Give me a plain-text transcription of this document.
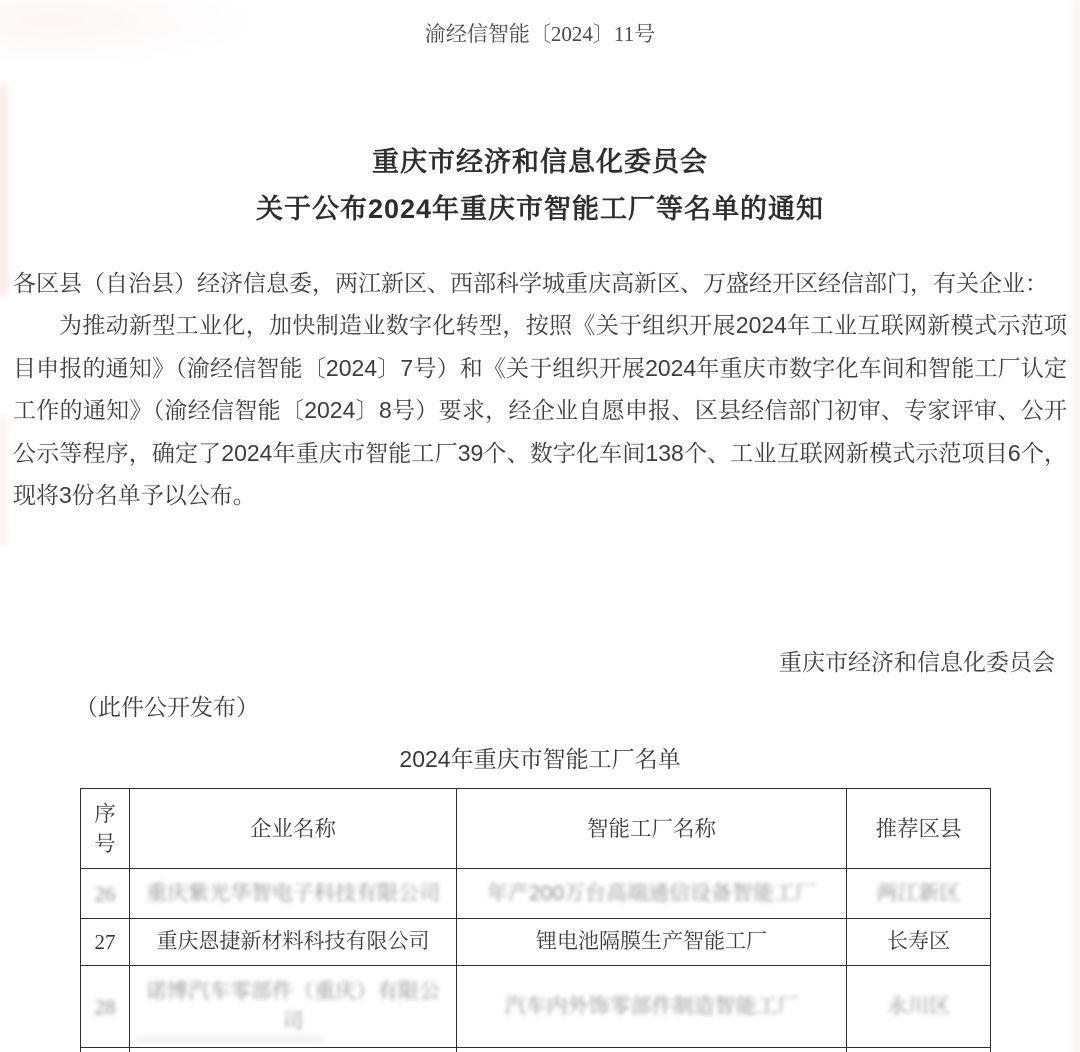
渝经信智能〔2024〕11号
重庆市经济和信息化委员会
关于公布2024年重庆市智能工厂等名单的通知
各区县（自治县）经济信息委，两江新区、西部科学城重庆高新区、万盛经开区经信部门，有关企业：
为推动新型工业化，加快制造业数字化转型，按照《关于组织开展2024年工业互联网新模式示范项目申报的通知》（渝经信智能〔2024〕7号）和《关于组织开展2024年重庆市数字化车间和智能工厂认定工作的通知》（渝经信智能〔2024〕8号）要求，经企业自愿申报、区县经信部门初审、专家评审、公开公示等程序，确定了2024年重庆市智能工厂39个、数字化车间138个、工业互联网新模式示范项目6个，现将3份名单予以公布。
重庆市经济和信息化委员会
（此件公开发布）
2024年重庆市智能工厂名单
序号	企业名称	智能工厂名称	推荐区县
26	重庆紫光华智电子科技有限公司	年产200万台高端通信设备智能工厂	两江新区
27	重庆恩捷新材料科技有限公司	锂电池隔膜生产智能工厂	长寿区
28	诺博汽车零部件（重庆）有限公司	汽车内外饰零部件制造智能工厂	永川区
